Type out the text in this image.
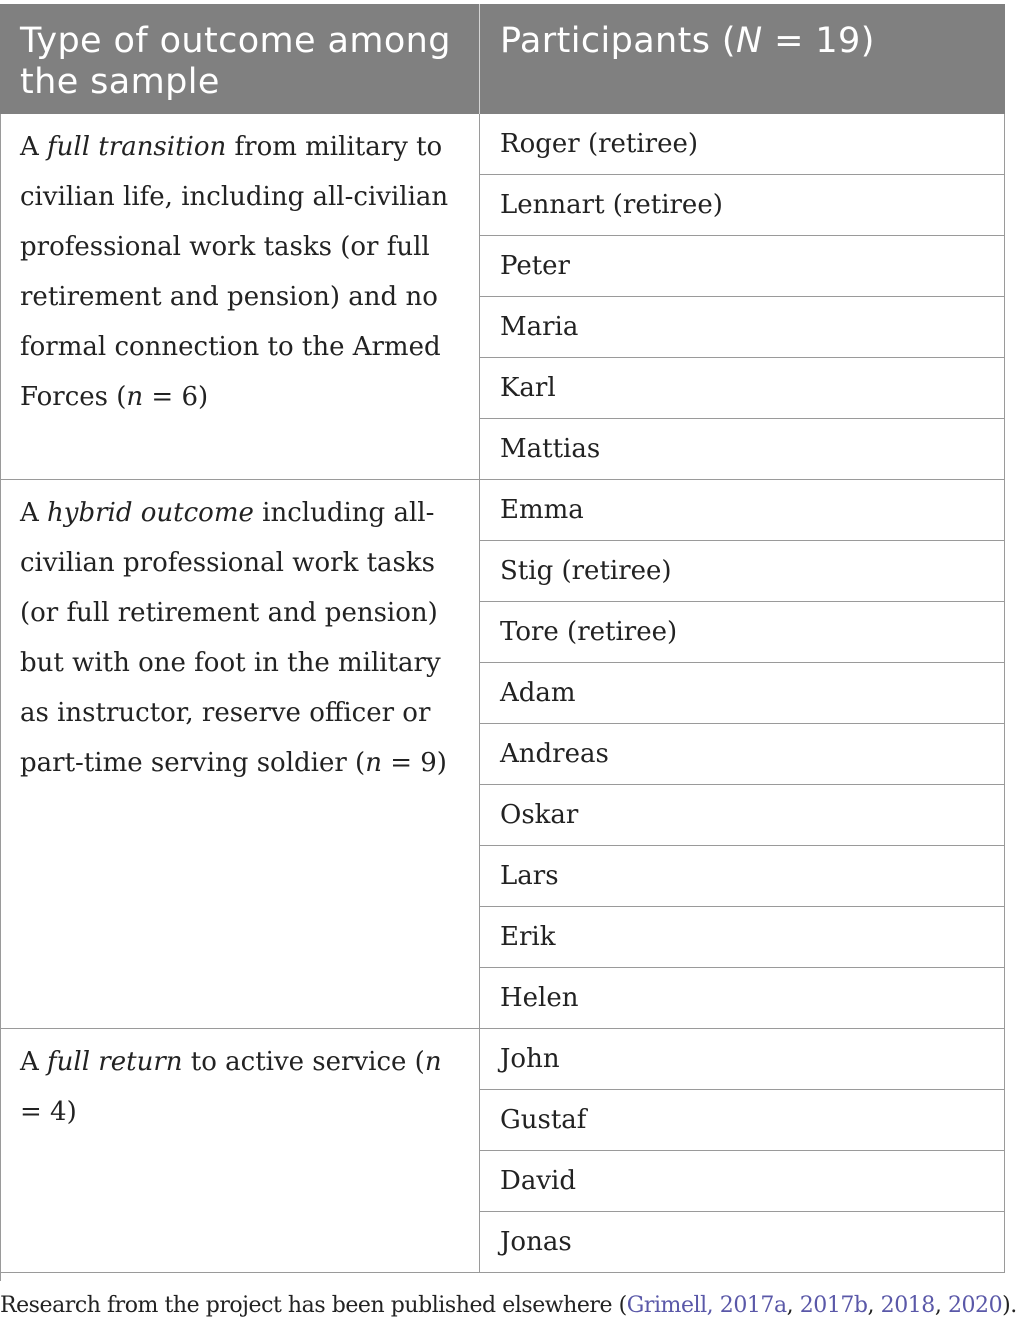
Type of outcome among the sample	Participants (N = 19)

A full transition from military to civilian life, including all-civilian professional work tasks (or full retirement and pension) and no formal connection to the Armed Forces (n = 6)	Roger (retiree)
	Lennart (retiree)
	Peter
	Maria
	Karl
	Mattias

A hybrid outcome including all-civilian professional work tasks (or full retirement and pension) but with one foot in the military as instructor, reserve officer or part-time serving soldier (n = 9)	Emma
	Stig (retiree)
	Tore (retiree)
	Adam
	Andreas
	Oskar
	Lars
	Erik
	Helen

A full return to active service (n = 4)	John
	Gustaf
	David
	Jonas
Research from the project has been published elsewhere (Grimell, 2017a, 2017b, 2018, 2020).
